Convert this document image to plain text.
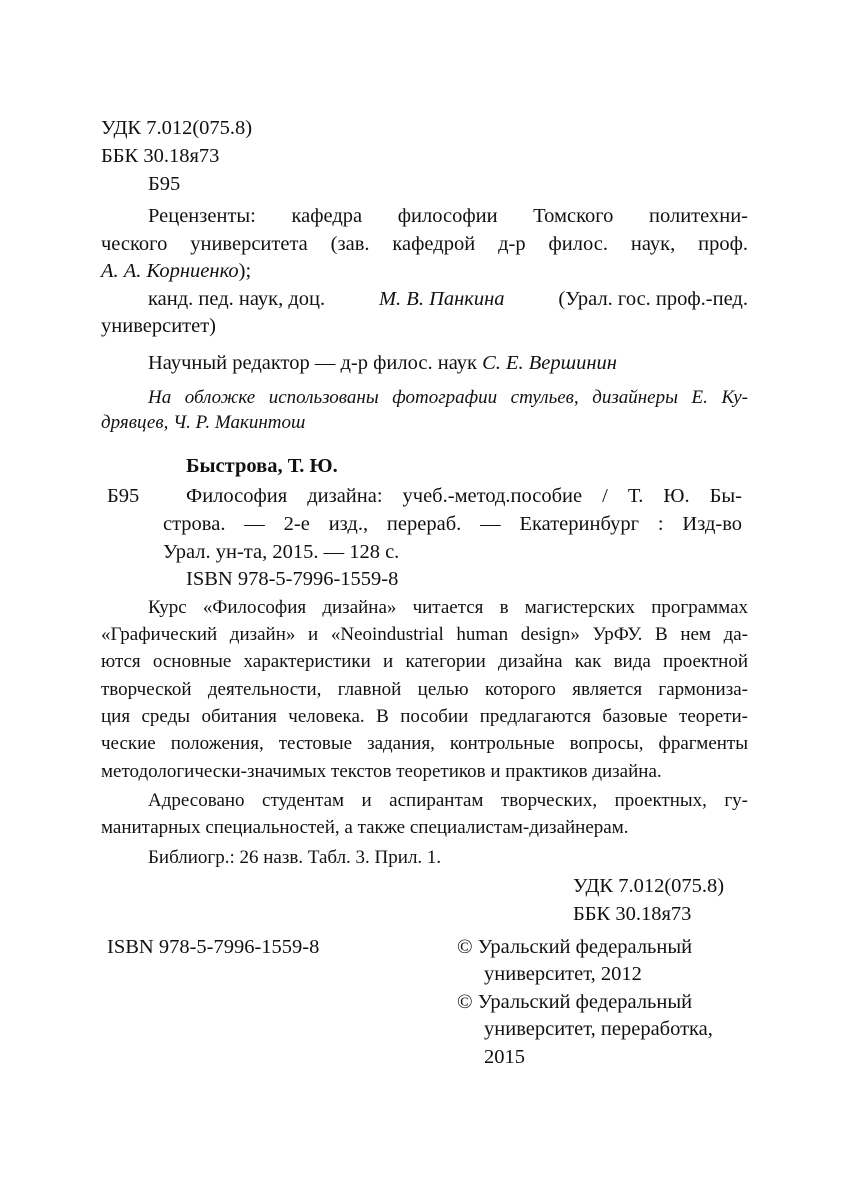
УДК 7.012(075.8)
ББК 30.18я73
Б95
Рецензенты: кафедра философии Томского политехни-
ческого университета (зав. кафедрой д-р филос. наук, проф.
А. А. Корниенко);
канд. пед. наук, доц.	М. В. Панкина	(Урал. гос. проф.-пед.
университет)
Научный редактор — д-р филос. наук С. Е. Вершинин
На обложке использованы фотографии стульев, дизайнеры Е. Ку-
дрявцев, Ч. Р. Макинтош
Быстрова, Т. Ю.
Б95 Философия дизайна: учеб.-метод.пособие / Т. Ю. Бы-
строва. — 2-е изд., перераб. — Екатеринбург : Изд-во
Урал. ун-та, 2015. — 128 с.
ISBN 978-5-7996-1559-8
Курс «Философия дизайна» читается в магистерских программах
«Графический дизайн» и «Neoindustrial human design» УрФУ. В нем да-
ются основные характеристики и категории дизайна как вида проектной
творческой деятельности, главной целью которого является гармониза-
ция среды обитания человека. В пособии предлагаются базовые теорети-
ческие положения, тестовые задания, контрольные вопросы, фрагменты
методологически-значимых текстов теоретиков и практиков дизайна.
Адресовано студентам и аспирантам творческих, проектных, гу-
манитарных специальностей, а также специалистам-дизайнерам.
Библиогр.: 26 назв. Табл. 3. Прил. 1.
УДК 7.012(075.8)
ББК 30.18я73
ISBN 978-5-7996-1559-8	© Уральский федеральный
университет, 2012
© Уральский федеральный
университет, переработка,
2015
